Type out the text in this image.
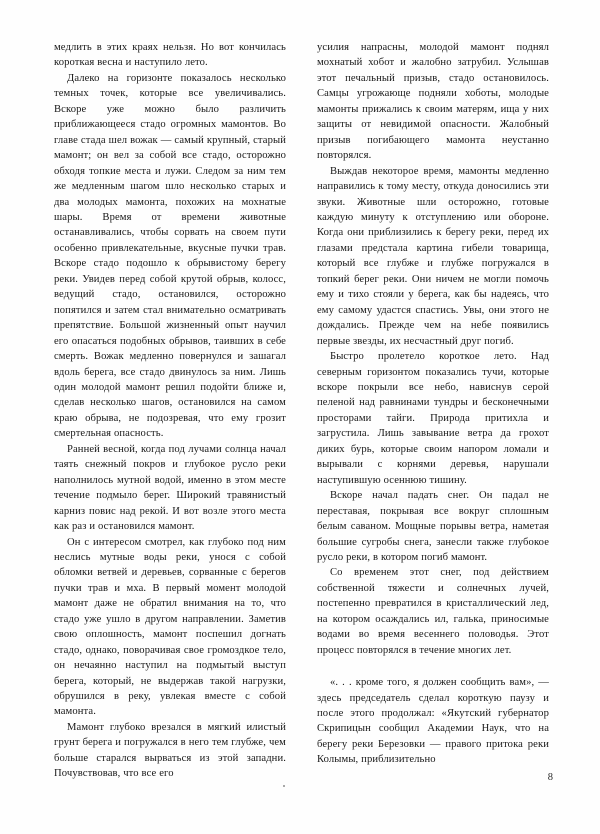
медлить в этих краях нельзя. Но вот кончилась короткая весна и наступило лето.

Далеко на горизонте показалось несколько темных точек, которые все увеличивались. Вскоре уже можно было различить приближающееся стадо огромных мамонтов. Во главе стада шел вожак — самый крупный, старый мамонт; он вел за собой все стадо, осторожно обходя топкие места и лужи. Следом за ним тем же медленным шагом шло несколько старых и два молодых мамонта, похожих на мохнатые шары. Время от времени животные останавливались, чтобы сорвать на своем пути особенно привлекательные, вкусные пучки трав. Вскоре стадо подошло к обрывистому берегу реки. Увидев перед собой крутой обрыв, колосс, ведущий стадо, остановился, осторожно попятился и затем стал внимательно осматривать препятствие. Большой жизненный опыт научил его опасаться подобных обрывов, таивших в себе смерть. Вожак медленно повернулся и зашагал вдоль берега, все стадо двинулось за ним. Лишь один молодой мамонт решил подойти ближе и, сделав несколько шагов, остановился на самом краю обрыва, не подозревая, что ему грозит смертельная опасность.

Ранней весной, когда под лучами солнца начал таять снежный покров и глубокое русло реки наполнилось мутной водой, именно в этом месте течение подмыло берег. Широкий травянистый карниз повис над рекой. И вот возле этого места как раз и остановился мамонт.

Он с интересом смотрел, как глубоко под ним неслись мутные воды реки, унося с собой обломки ветвей и деревьев, сорванные с берегов пучки трав и мха. В первый момент молодой мамонт даже не обратил внимания на то, что стадо уже ушло в другом направлении. Заметив свою оплошность, мамонт поспешил догнать стадо, однако, поворачивая свое громоздкое тело, он нечаянно наступил на подмытый выступ берега, который, не выдержав такой нагрузки, обрушился в реку, увлекая вместе с собой мамонта.

Мамонт глубоко врезался в мягкий илистый грунт берега и погружался в него тем глубже, чем больше старался вырваться из этой западни. Почувствовав, что все его

усилия напрасны, молодой мамонт поднял мохнатый хобот и жалобно затрубил. Услышав этот печальный призыв, стадо остановилось. Самцы угрожающе подняли хоботы, молодые мамонты прижались к своим матерям, ища у них защиты от невидимой опасности. Жалобный призыв погибающего мамонта неустанно повторялся.

Выждав некоторое время, мамонты медленно направились к тому месту, откуда доносились эти звуки. Животные шли осторожно, готовые каждую минуту к отступлению или обороне. Когда они приблизились к берегу реки, перед их глазами предстала картина гибели товарища, который все глубже и глубже погружался в топкий берег реки. Они ничем не могли помочь ему и тихо стояли у берега, как бы надеясь, что ему самому удастся спастись. Увы, они этого не дождались. Прежде чем на небе появились первые звезды, их несчастный друг погиб.

Быстро пролетело короткое лето. Над северным горизонтом показались тучи, которые вскоре покрыли все небо, нависнув серой пеленой над равнинами тундры и бесконечными просторами тайги. Природа притихла и загрустила. Лишь завывание ветра да грохот диких бурь, которые своим напором ломали и вырывали с корнями деревья, нарушали наступившую осеннюю тишину.

Вскоре начал падать снег. Он падал не переставая, покрывая все вокруг сплошным белым саваном. Мощные порывы ветра, наметая большие сугробы снега, занесли также глубокое русло реки, в котором погиб мамонт.

Со временем этот снег, под действием собственной тяжести и солнечных лучей, постепенно превратился в кристаллический лед, на котором осаждались ил, галька, приносимые водами во время весеннего половодья. Этот процесс повторялся в течение многих лет.

«. . . кроме того, я должен сообщить вам», — здесь председатель сделал короткую паузу и после этого продолжал: «Якутский губернатор Скрипицын сообщил Академии Наук, что на берегу реки Березовки — правого притока реки Колымы, приблизительно

8
